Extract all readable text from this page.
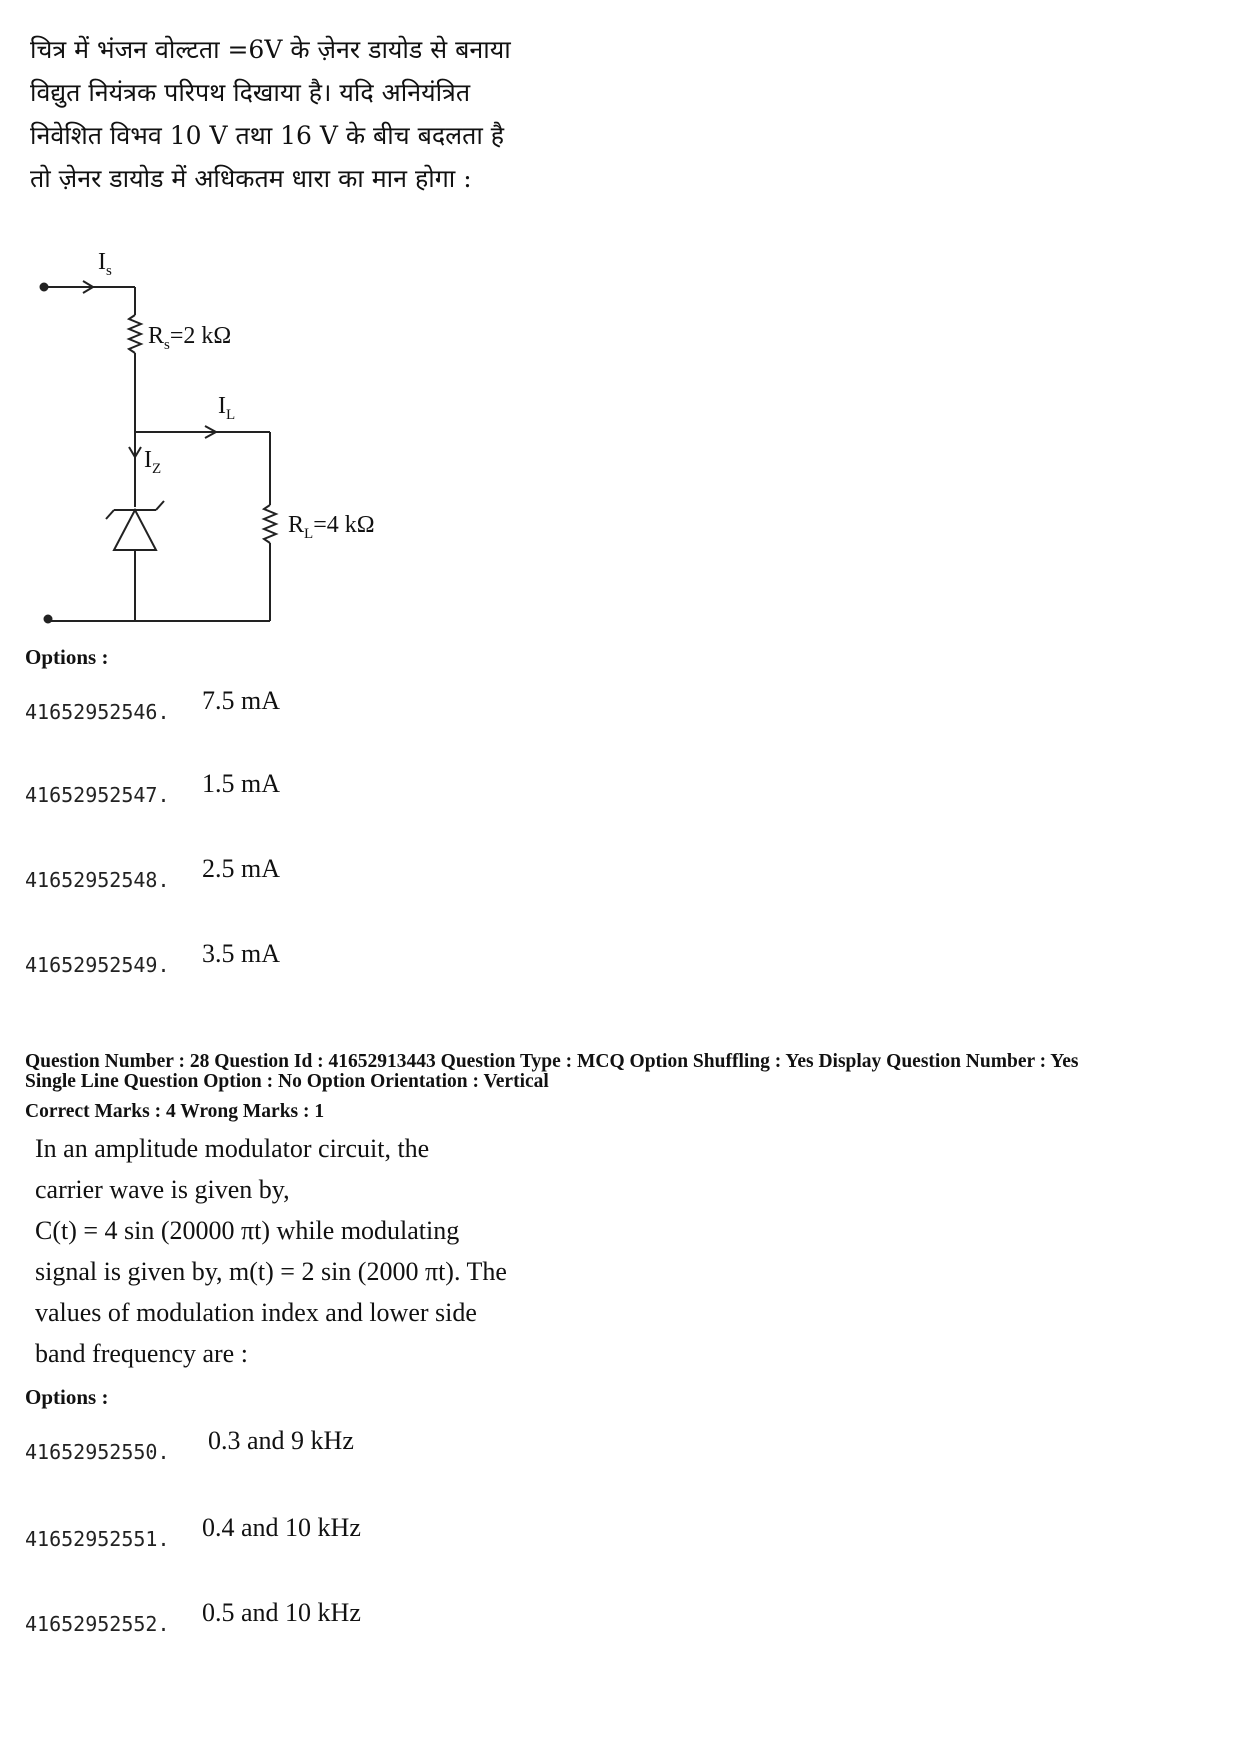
चित्र में भंजन वोल्टता =6V के ज़ेनर डायोड से बनाया
विद्युत नियंत्रक परिपथ दिखाया है। यदि अनियंत्रित
निवेशित विभव 10 V तथा 16 V के बीच बदलता है
तो ज़ेनर डायोड में अधिकतम धारा का मान होगा :
$I_s$
$R_s=2$ kΩ
$I_L$
$I_Z$
$R_L=4$ kΩ
Options :
41652952546. 7.5 mA
41652952547. 1.5 mA
41652952548. 2.5 mA
41652952549. 3.5 mA
Question Number : 28 Question Id : 41652913443 Question Type : MCQ Option Shuffling : Yes Display Question Number : Yes
Single Line Question Option : No Option Orientation : Vertical
Correct Marks : 4 Wrong Marks : 1
In an amplitude modulator circuit, the
carrier wave is given by,
C(t) = 4 sin (20000 πt) while modulating
signal is given by, m(t) = 2 sin (2000 πt). The
values of modulation index and lower side
band frequency are :
Options :
41652952550. 0.3 and 9 kHz
41652952551. 0.4 and 10 kHz
41652952552. 0.5 and 10 kHz
